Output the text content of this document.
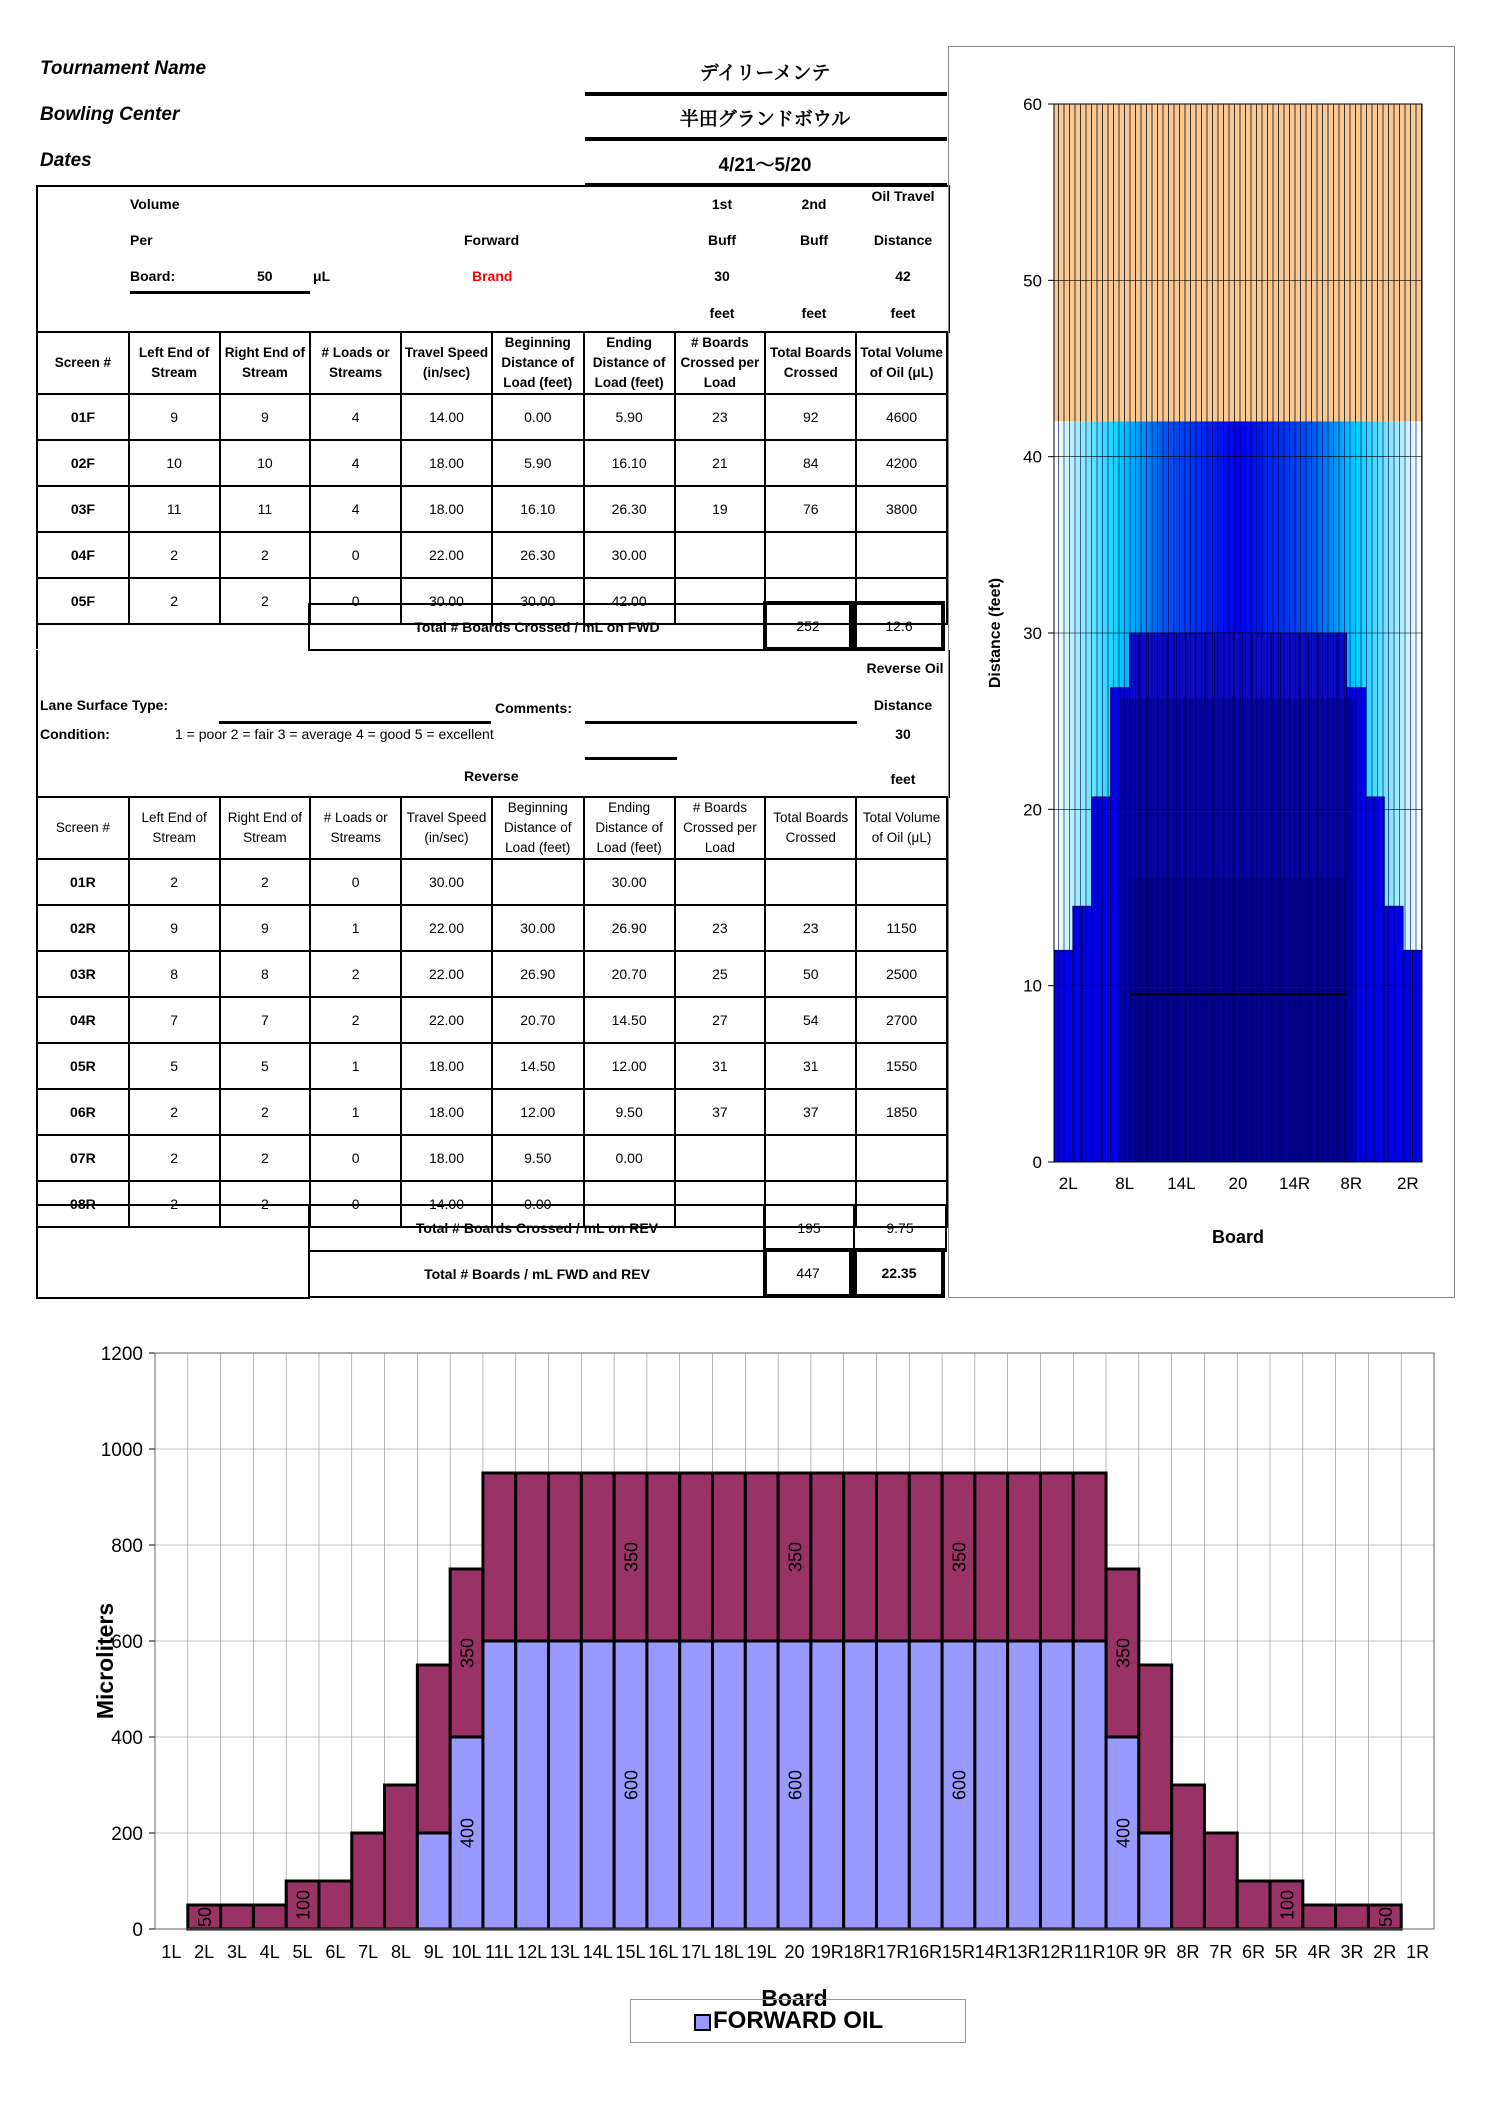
Tournament Name	デイリーメンテ
Bowling Center	半田グランドボウル
Dates	4/21～5/20
Volume
Per
Board:	50	μL
Forward
Brand
1st
Buff
30
feet
2nd
Buff
feet
Oil Travel
Distance
42
feet
Screen #	Left End of Stream	Right End of Stream	# Loads or Streams	Travel Speed (in/sec)	Beginning Distance of Load (feet)	Ending Distance of Load (feet)	# Boards Crossed per Load	Total Boards Crossed	Total Volume of Oil (μL)
01F	9	9	4	14.00	0.00	5.90	23	92	4600
02F	10	10	4	18.00	5.90	16.10	21	84	4200
03F	11	11	4	18.00	16.10	26.30	19	76	3800
04F	2	2	0	22.00	26.30	30.00			
05F	2	2	0	30.00	30.00	42.00			
Total # Boards Crossed / mL on FWD	252	12.6
Reverse Oil
Distance
30
feet
Lane Surface Type:	Comments:
Condition:	1 = poor 2 = fair 3 = average 4 = good 5 = excellent
Reverse
Screen #	Left End of Stream	Right End of Stream	# Loads or Streams	Travel Speed (in/sec)	Beginning Distance of Load (feet)	Ending Distance of Load (feet)	# Boards Crossed per Load	Total Boards Crossed	Total Volume of Oil (μL)
01R	2	2	0	30.00		30.00			
02R	9	9	1	22.00	30.00	26.90	23	23	1150
03R	8	8	2	22.00	26.90	20.70	25	50	2500
04R	7	7	2	22.00	20.70	14.50	27	54	2700
05R	5	5	1	18.00	14.50	12.00	31	31	1550
06R	2	2	1	18.00	12.00	9.50	37	37	1850
07R	2	2	0	18.00	9.50	0.00			
08R	2	2	0	14.00	0.00				
Total # Boards Crossed / mL on REV	195	9.75
Total # Boards / mL FWD and REV	447	22.35
0
10
20
30
40
50
60
2L 8L 14L 20 14R 8R 2R
Board
Distance (feet)
50	100
400
350
600
350
600
350
600
350
400
350
100	50
0
200
400
600
800
1000
1200
1L 2L 3L 4L 5L 6L 7L 8L 9L 10L 11L 12L 13L 14L 15L 16L 17L 18L 19L 20 19R 18R 17R 16R 15R 14R 13R 12R 11R 10R 9R 8R 7R 6R 5R 4R 3R 2R 1R
Board
Microliters
FORWARD OIL
